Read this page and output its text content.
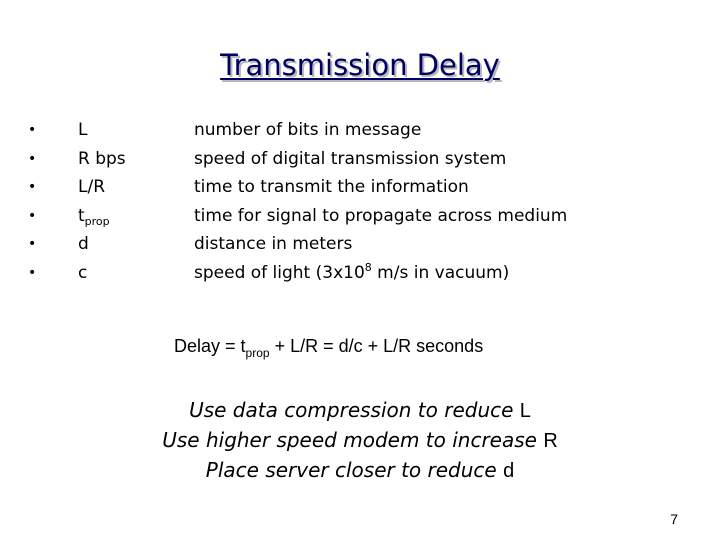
Transmission Delay
• L	number of bits in message
• R bps	speed of digital transmission system
• L/R	time to transmit the information
• $t_{prop}$	time for signal to propagate across medium
• d	distance in meters
• c	speed of light ($3x10^8$ m/s in vacuum)
Delay = $t_{prop} + L/R = d/c + L/R$ seconds
Use data compression to reduce L
Use higher speed modem to increase R
Place server closer to reduce d
7
